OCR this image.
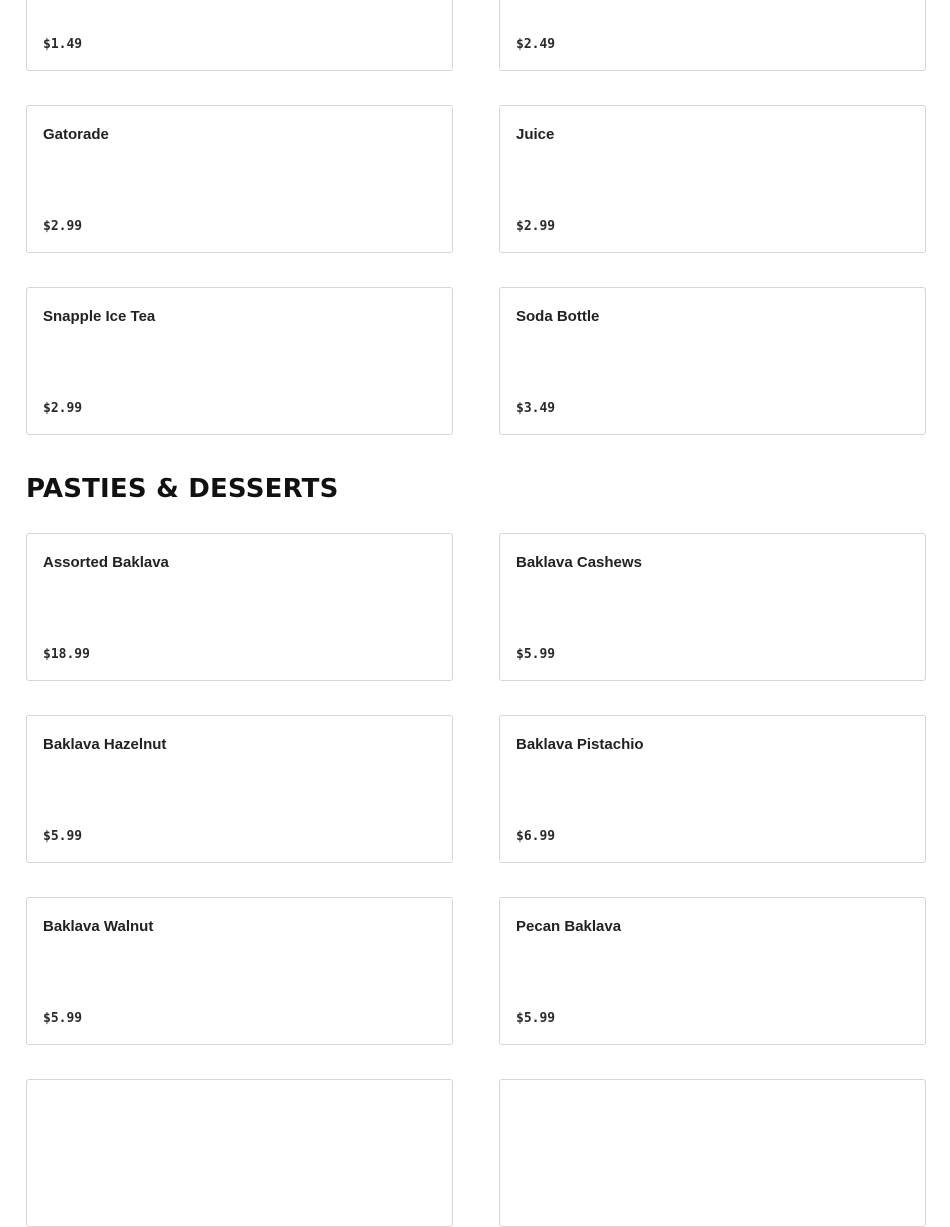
$1.49	$2.49
Gatorade
$2.99
Juice
$2.99
Snapple Ice Tea
$2.99
Soda Bottle
$3.49
PASTIES & DESSERTS
Assorted Baklava
$18.99
Baklava Cashews
$5.99
Baklava Hazelnut
$5.99
Baklava Pistachio
$6.99
Baklava Walnut
$5.99
Pecan Baklava
$5.99
